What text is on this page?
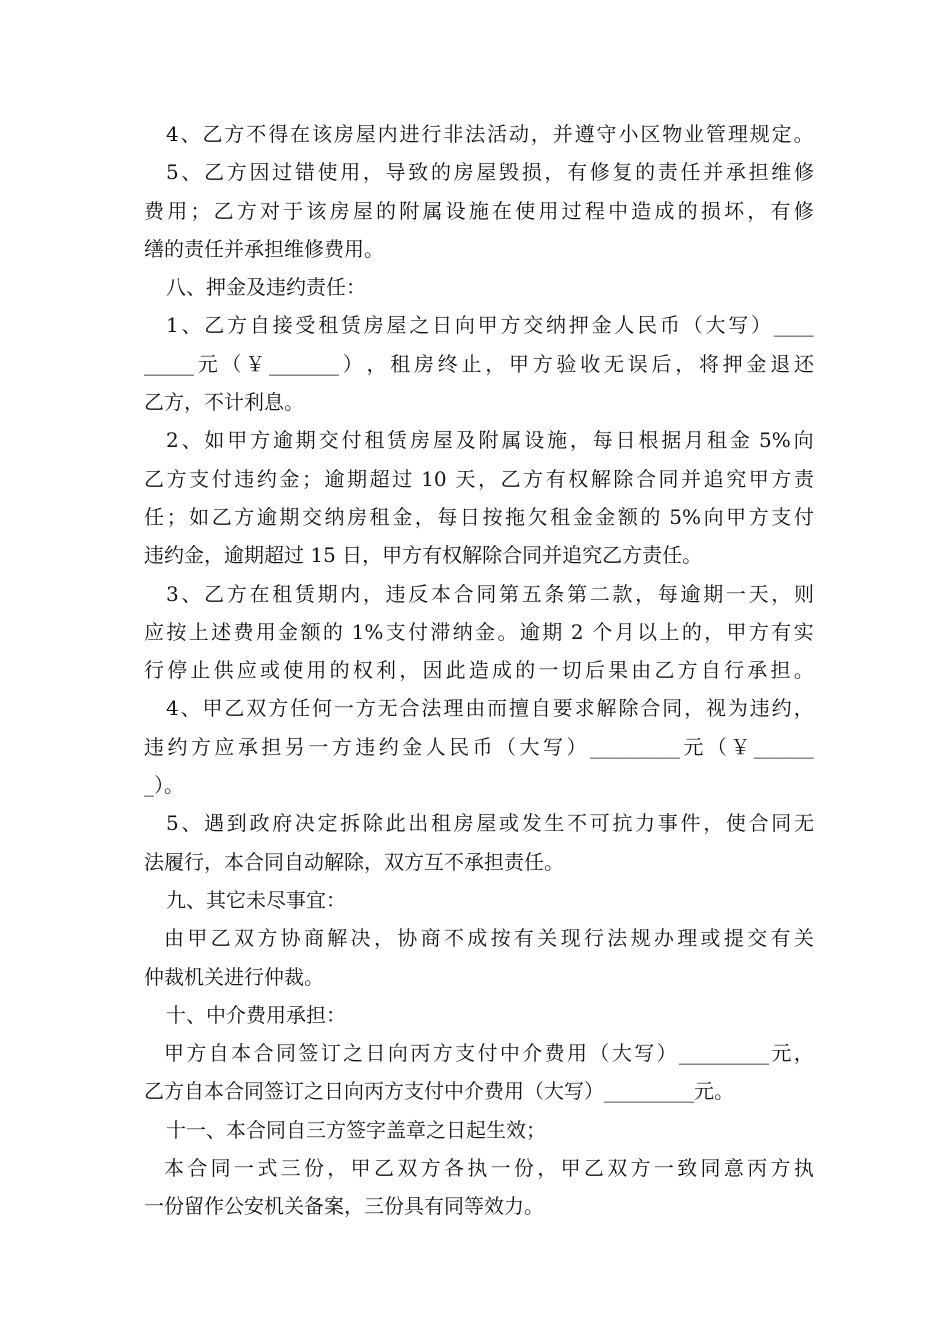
4 、 乙 方 不 得 在 该 房 屋 内 进 行 非 法 活 动 ， 并 遵 守 小 区 物 业 管 理 规 定 。
5 、 乙 方 因 过 错 使 用 ， 导 致 的 房 屋 毁 损 ， 有 修 复 的 责 任 并 承 担 维 修
费 用 ； 乙 方 对 于 该 房 屋 的 附 属 设 施 在 使 用 过 程 中 造 成 的 损 坏 ， 有 修
缮的责任并承担维修费用。
八、押金及违约责任：
1 、 乙 方 自 接 受 租 赁 房 屋 之 日 向 甲 方 交 纳 押 金 人 民 币 （ 大 写 ） ____
_____ 元 （ ￥ _______ ） ， 租 房 终 止 ， 甲 方 验 收 无 误 后 ， 将 押 金 退 还
乙方，不计利息。
2 、 如 甲 方 逾 期 交 付 租 赁 房 屋 及 附 属 设 施 ， 每 日 根 据 月 租 金 5% 向
乙 方 支 付 违 约 金 ； 逾 期 超 过 10 天 ， 乙 方 有 权 解 除 合 同 并 追 究 甲 方 责
任 ； 如 乙 方 逾 期 交 纳 房 租 金 ， 每 日 按 拖 欠 租 金 金 额 的 5% 向 甲 方 支 付
违约金，逾期超过 15 日，甲方有权解除合同并追究乙方责任。
3 、 乙 方 在 租 赁 期 内 ， 违 反 本 合 同 第 五 条 第 二 款 ， 每 逾 期 一 天 ， 则
应 按 上 述 费 用 金 额 的 1% 支 付 滞 纳 金 。 逾 期 2 个 月 以 上 的 ， 甲 方 有 实
行 停 止 供 应 或 使 用 的 权 利 ， 因 此 造 成 的 一 切 后 果 由 乙 方 自 行 承 担 。
4 、 甲 乙 双 方 任 何 一 方 无 合 法 理 由 而 擅 自 要 求 解 除 合 同 ， 视 为 违 约 ，
违 约 方 应 承 担 另 一 方 违 约 金 人 民 币 （ 大 写 ） _________ 元 （ ￥ ______
_）。
5 、 遇 到 政 府 决 定 拆 除 此 出 租 房 屋 或 发 生 不 可 抗 力 事 件 ， 使 合 同 无
法履行，本合同自动解除，双方互不承担责任。
九、其它未尽事宜：
由 甲 乙 双 方 协 商 解 决 ， 协 商 不 成 按 有 关 现 行 法 规 办 理 或 提 交 有 关
仲裁机关进行仲裁。
十、中介费用承担：
甲 方 自 本 合 同 签 订 之 日 向 丙 方 支 付 中 介 费 用 （ 大 写 ） _________ 元 ，
乙方自本合同签订之日向丙方支付中介费用（大写）_________元。
十一、本合同自三方签字盖章之日起生效；
本 合 同 一 式 三 份 ， 甲 乙 双 方 各 执 一 份 ， 甲 乙 双 方 一 致 同 意 丙 方 执
一份留作公安机关备案，三份具有同等效力。
